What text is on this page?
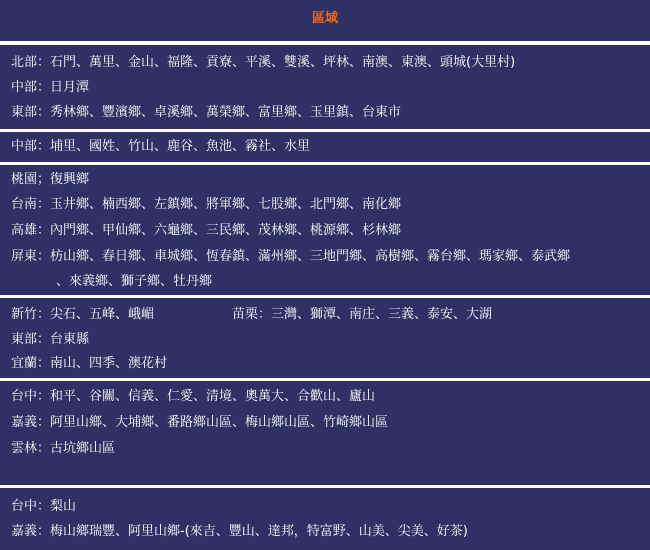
區域
北部：石門、萬里、金山、福隆、貢寮、平溪、雙溪、坪林、南澳、東澳、頭城(大里村)
中部：日月潭
東部：秀林鄉、豐濱鄉、卓溪鄉、萬榮鄉、富里鄉、玉里鎮、台東市
中部：埔里、國姓、竹山、鹿谷、魚池、霧社、水里
桃園；復興鄉
台南：玉井鄉、楠西鄉、左鎮鄉、將軍鄉、七股鄉、北門鄉、南化鄉
高雄：內門鄉、甲仙鄉、六龜鄉、三民鄉、茂林鄉、桃源鄉、杉林鄉
屏東：枋山鄉、春日鄉、車城鄉、恆春鎮、滿州鄉、三地門鄉、高樹鄉、霧台鄉、瑪家鄉、泰武鄉
、來義鄉、獅子鄉、牡丹鄉
新竹：尖石、五峰、峨嵋	苗栗：三灣、獅潭、南庄、三義、泰安、大湖
東部：台東縣
宜蘭：南山、四季、澳花村
台中：和平、谷關、信義、仁愛、清境、奧萬大、合歡山、廬山
嘉義：阿里山鄉、大埔鄉、番路鄉山區、梅山鄉山區、竹崎鄉山區
雲林：古坑鄉山區
台中：梨山
嘉義：梅山鄉瑞豐、阿里山鄉-(來吉、豐山、達邦，特富野、山美、尖美、好茶)
